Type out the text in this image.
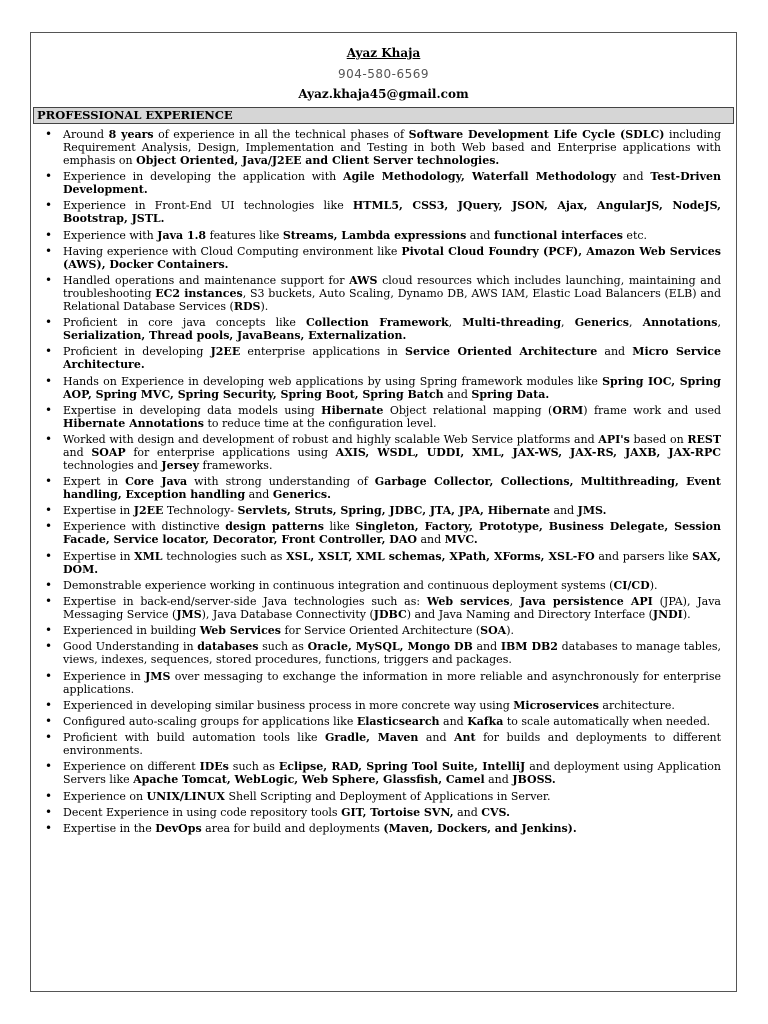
Ayaz Khaja
904-580-6569
Ayaz.khaja45@gmail.com
PROFESSIONAL EXPERIENCE
• Around 8 years of experience in all the technical phases of Software Development Life Cycle (SDLC) including Requirement Analysis, Design, Implementation and Testing in both Web based and Enterprise applications with emphasis on Object Oriented, Java/J2EE and Client Server technologies.
• Experience in developing the application with Agile Methodology, Waterfall Methodology and Test-Driven Development.
• Experience in Front-End UI technologies like HTML5, CSS3, JQuery, JSON, Ajax, AngularJS, NodeJS, Bootstrap, JSTL.
• Experience with Java 1.8 features like Streams, Lambda expressions and functional interfaces etc.
• Having experience with Cloud Computing environment like Pivotal Cloud Foundry (PCF), Amazon Web Services (AWS), Docker Containers.
• Handled operations and maintenance support for AWS cloud resources which includes launching, maintaining and troubleshooting EC2 instances, S3 buckets, Auto Scaling, Dynamo DB, AWS IAM, Elastic Load Balancers (ELB) and Relational Database Services (RDS).
• Proficient in core java concepts like Collection Framework, Multi-threading, Generics, Annotations, Serialization, Thread pools, JavaBeans, Externalization.
• Proficient in developing J2EE enterprise applications in Service Oriented Architecture and Micro Service Architecture.
• Hands on Experience in developing web applications by using Spring framework modules like Spring IOC, Spring AOP, Spring MVC, Spring Security, Spring Boot, Spring Batch and Spring Data.
• Expertise in developing data models using Hibernate Object relational mapping (ORM) frame work and used Hibernate Annotations to reduce time at the configuration level.
• Worked with design and development of robust and highly scalable Web Service platforms and API's based on REST and SOAP for enterprise applications using AXIS, WSDL, UDDI, XML, JAX-WS, JAX-RS, JAXB, JAX-RPC technologies and Jersey frameworks.
• Expert in Core Java with strong understanding of Garbage Collector, Collections, Multithreading, Event handling, Exception handling and Generics.
• Expertise in J2EE Technology- Servlets, Struts, Spring, JDBC, JTA, JPA, Hibernate and JMS.
• Experience with distinctive design patterns like Singleton, Factory, Prototype, Business Delegate, Session Facade, Service locator, Decorator, Front Controller, DAO and MVC.
• Expertise in XML technologies such as XSL, XSLT, XML schemas, XPath, XForms, XSL-FO and parsers like SAX, DOM.
• Demonstrable experience working in continuous integration and continuous deployment systems (CI/CD).
• Expertise in back-end/server-side Java technologies such as: Web services, Java persistence API (JPA), Java Messaging Service (JMS), Java Database Connectivity (JDBC) and Java Naming and Directory Interface (JNDI).
• Experienced in building Web Services for Service Oriented Architecture (SOA).
• Good Understanding in databases such as Oracle, MySQL, Mongo DB and IBM DB2 databases to manage tables, views, indexes, sequences, stored procedures, functions, triggers and packages.
• Experience in JMS over messaging to exchange the information in more reliable and asynchronously for enterprise applications.
• Experienced in developing similar business process in more concrete way using Microservices architecture.
• Configured auto-scaling groups for applications like Elasticsearch and Kafka to scale automatically when needed.
• Proficient with build automation tools like Gradle, Maven and Ant for builds and deployments to different environments.
• Experience on different IDEs such as Eclipse, RAD, Spring Tool Suite, IntelliJ and deployment using Application Servers like Apache Tomcat, WebLogic, Web Sphere, Glassfish, Camel and JBOSS.
• Experience on UNIX/LINUX Shell Scripting and Deployment of Applications in Server.
• Decent Experience in using code repository tools GIT, Tortoise SVN, and CVS.
• Expertise in the DevOps area for build and deployments (Maven, Dockers, and Jenkins).
